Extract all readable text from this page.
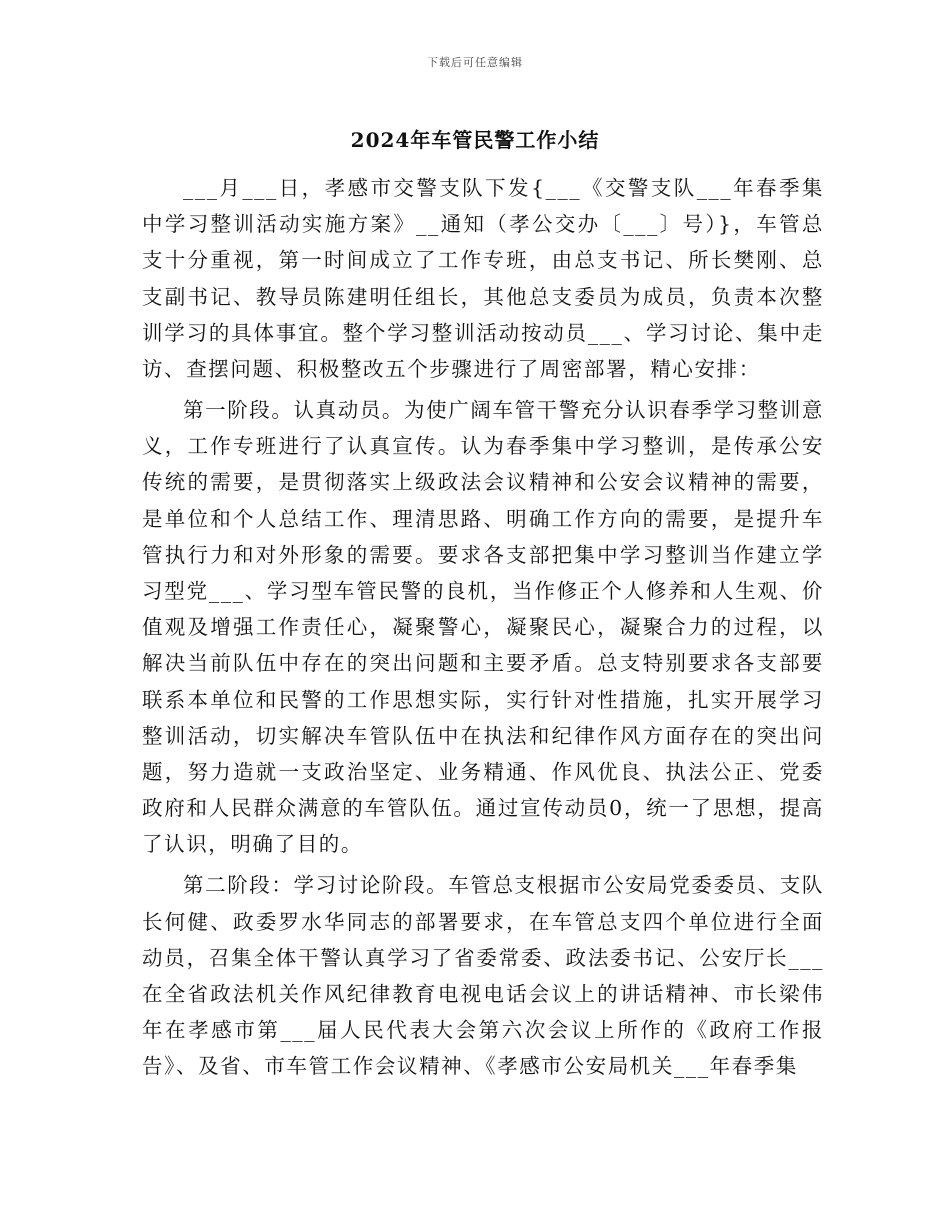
下载后可任意编辑
2024年车管民警工作小结

___月___日，孝感市交警支队下发{___《交警支队___年春季集中学习整训活动实施方案》__通知（孝公交办〔___〕号）}，车管总支十分重视，第一时间成立了工作专班，由总支书记、所长樊刚、总支副书记、教导员陈建明任组长，其他总支委员为成员，负责本次整训学习的具体事宜。整个学习整训活动按动员___、学习讨论、集中走访、查摆问题、积极整改五个步骤进行了周密部署，精心安排：

第一阶段。认真动员。为使广阔车管干警充分认识春季学习整训意义，工作专班进行了认真宣传。认为春季集中学习整训，是传承公安传统的需要，是贯彻落实上级政法会议精神和公安会议精神的需要，是单位和个人总结工作、理清思路、明确工作方向的需要，是提升车管执行力和对外形象的需要。要求各支部把集中学习整训当作建立学习型党___、学习型车管民警的良机，当作修正个人修养和人生观、价值观及增强工作责任心，凝聚警心，凝聚民心，凝聚合力的过程，以解决当前队伍中存在的突出问题和主要矛盾。总支特别要求各支部要联系本单位和民警的工作思想实际，实行针对性措施，扎实开展学习整训活动，切实解决车管队伍中在执法和纪律作风方面存在的突出问题，努力造就一支政治坚定、业务精通、作风优良、执法公正、党委政府和人民群众满意的车管队伍。通过宣传动员0，统一了思想，提高了认识，明确了目的。

第二阶段：学习讨论阶段。车管总支根据市公安局党委委员、支队长何健、政委罗水华同志的部署要求，在车管总支四个单位进行全面动员，召集全体干警认真学习了省委常委、政法委书记、公安厅长___在全省政法机关作风纪律教育电视电话会议上的讲话精神、市长梁伟年在孝感市第___届人民代表大会第六次会议上所作的《政府工作报告》、及省、市车管工作会议精神、《孝感市公安局机关___年春季集
